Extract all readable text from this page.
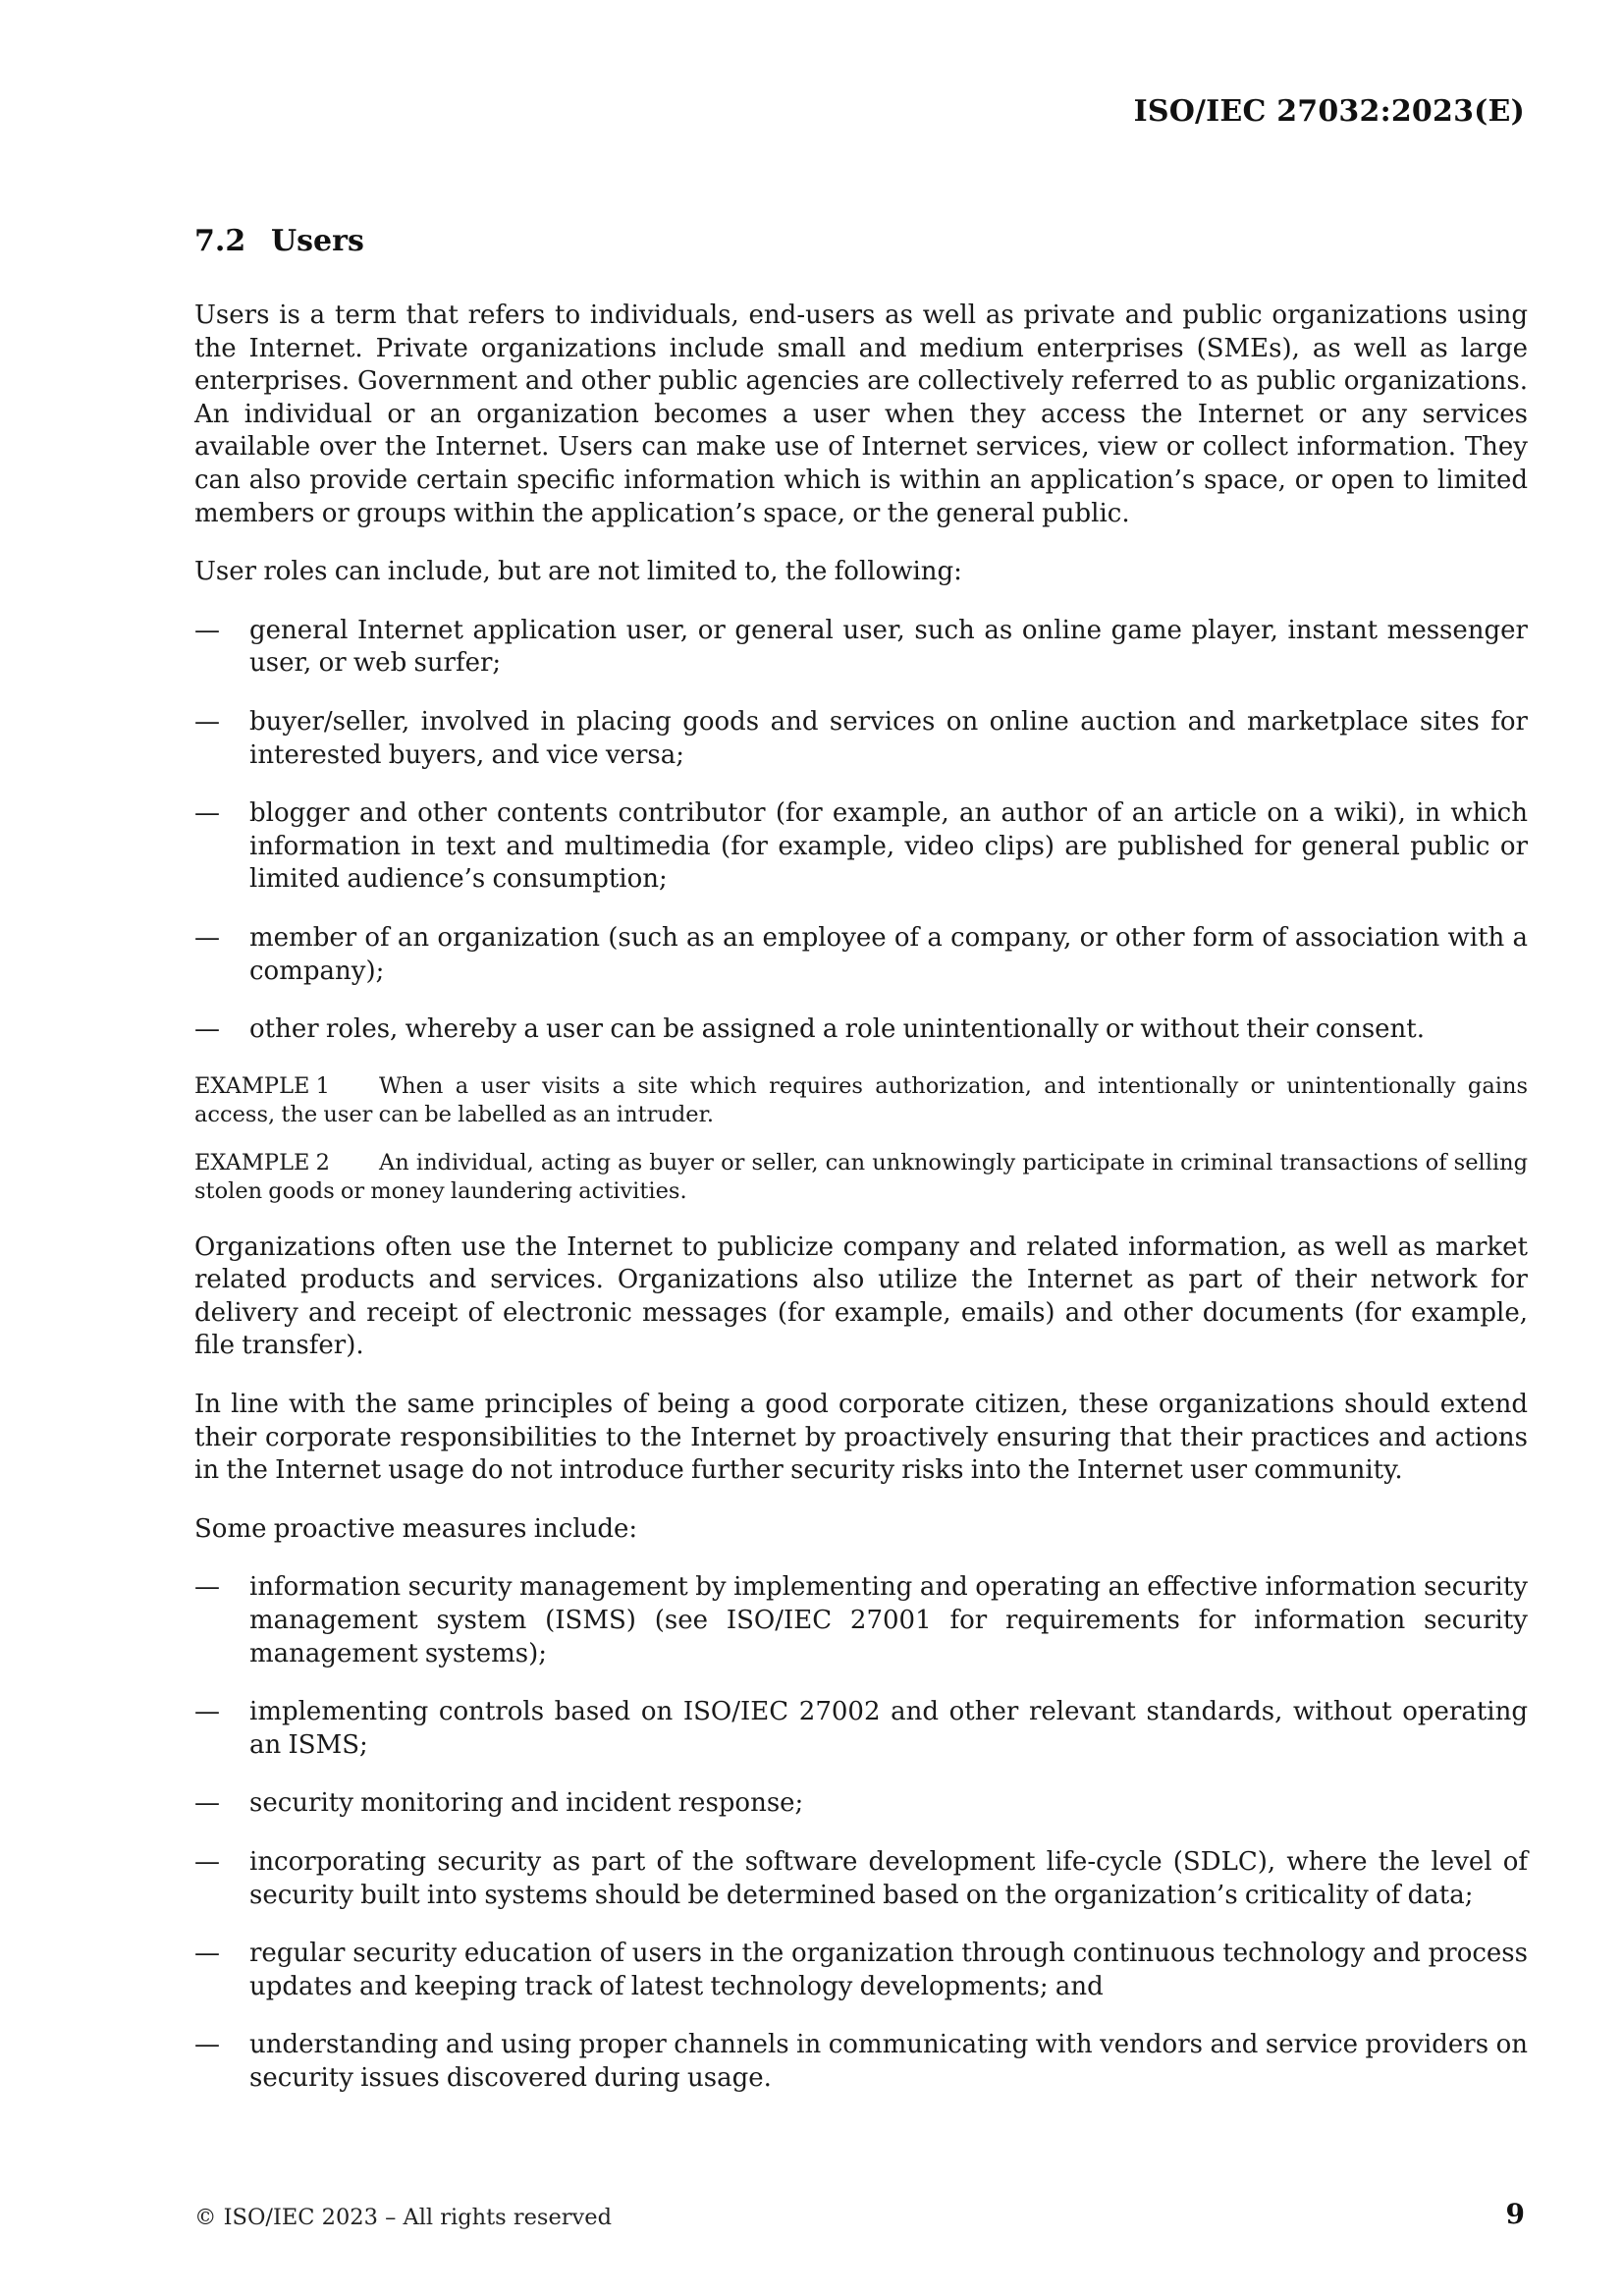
ISO/IEC 27032:2023(E)
7.2 Users

Users is a term that refers to individuals, end-users as well as private and public organizations using the Internet. Private organizations include small and medium enterprises (SMEs), as well as large enterprises. Government and other public agencies are collectively referred to as public organizations. An individual or an organization becomes a user when they access the Internet or any services available over the Internet. Users can make use of Internet services, view or collect information. They can also provide certain specific information which is within an application’s space, or open to limited members or groups within the application’s space, or the general public.

User roles can include, but are not limited to, the following:

— general Internet application user, or general user, such as online game player, instant messenger user, or web surfer;

— buyer/seller, involved in placing goods and services on online auction and marketplace sites for interested buyers, and vice versa;

— blogger and other contents contributor (for example, an author of an article on a wiki), in which information in text and multimedia (for example, video clips) are published for general public or limited audience’s consumption;

— member of an organization (such as an employee of a company, or other form of association with a company);

— other roles, whereby a user can be assigned a role unintentionally or without their consent.

EXAMPLE 1 When a user visits a site which requires authorization, and intentionally or unintentionally gains access, the user can be labelled as an intruder.

EXAMPLE 2 An individual, acting as buyer or seller, can unknowingly participate in criminal transactions of selling stolen goods or money laundering activities.

Organizations often use the Internet to publicize company and related information, as well as market related products and services. Organizations also utilize the Internet as part of their network for delivery and receipt of electronic messages (for example, emails) and other documents (for example, file transfer).

In line with the same principles of being a good corporate citizen, these organizations should extend their corporate responsibilities to the Internet by proactively ensuring that their practices and actions in the Internet usage do not introduce further security risks into the Internet user community.

Some proactive measures include:

— information security management by implementing and operating an effective information security management system (ISMS) (see ISO/IEC 27001 for requirements for information security management systems);

— implementing controls based on ISO/IEC 27002 and other relevant standards, without operating an ISMS;

— security monitoring and incident response;

— incorporating security as part of the software development life-cycle (SDLC), where the level of security built into systems should be determined based on the organization’s criticality of data;

— regular security education of users in the organization through continuous technology and process updates and keeping track of latest technology developments; and

— understanding and using proper channels in communicating with vendors and service providers on security issues discovered during usage.

© ISO/IEC 2023 – All rights reserved	9
